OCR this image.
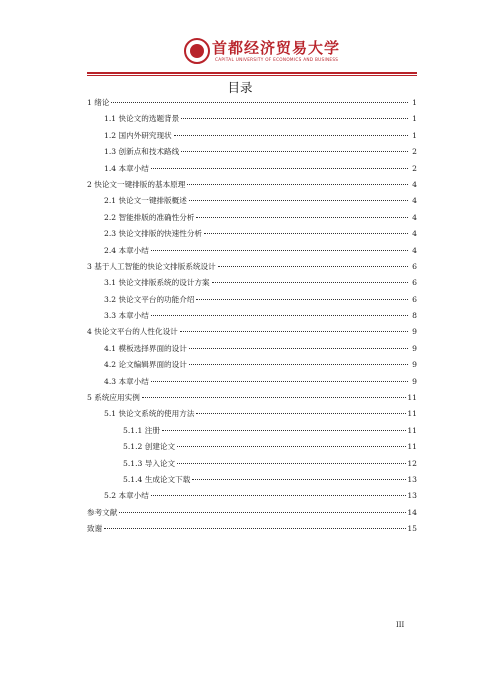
首都经济贸易大学
CAPITAL UNIVERSITY OF ECONOMICS AND BUSINESS
目录
1 绪论	1
1.1 快论文的选题背景	1
1.2 国内外研究现状	1
1.3 创新点和技术路线	2
1.4 本章小结	2
2 快论文一键排版的基本原理	4
2.1 快论文一键排版概述	4
2.2 智能排版的准确性分析	4
2.3 快论文排版的快速性分析	4
2.4 本章小结	4
3 基于人工智能的快论文排版系统设计	6
3.1 快论文排版系统的设计方案	6
3.2 快论文平台的功能介绍	6
3.3 本章小结	8
4 快论文平台的人性化设计	9
4.1 模板选择界面的设计	9
4.2 论文编辑界面的设计	9
4.3 本章小结	9
5 系统应用实例	11
5.1 快论文系统的使用方法	11
5.1.1 注册	11
5.1.2 创建论文	11
5.1.3 导入论文	12
5.1.4 生成论文下载	13
5.2 本章小结	13
参考文献	14
致谢	15
III
